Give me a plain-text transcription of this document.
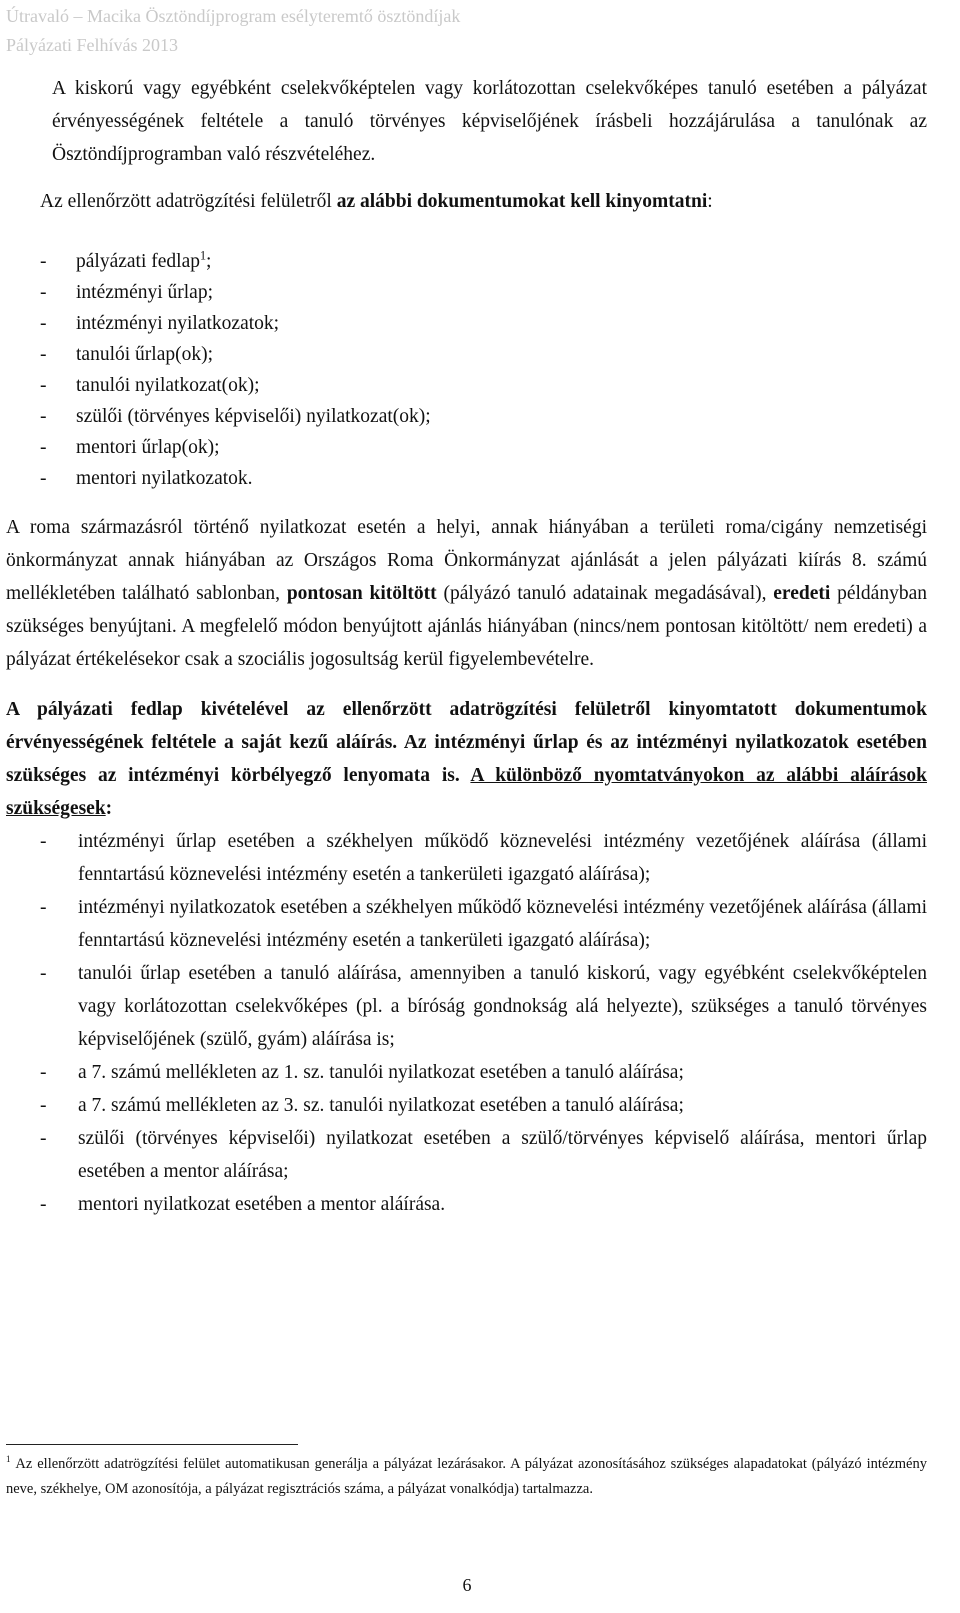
Útravaló – Macika Ösztöndíjprogram esélyteremtő ösztöndíjak
Pályázati Felhívás 2013

A kiskorú vagy egyébként cselekvőképtelen vagy korlátozottan cselekvőképes tanuló esetében a pályázat érvényességének feltétele a tanuló törvényes képviselőjének írásbeli hozzájárulása a tanulónak az Ösztöndíjprogramban való részvételéhez.

Az ellenőrzött adatrögzítési felületről az alábbi dokumentumokat kell kinyomtatni:

- pályázati fedlap$^1$;
- intézményi űrlap;
- intézményi nyilatkozatok;
- tanulói űrlap(ok);
- tanulói nyilatkozat(ok);
- szülői (törvényes képviselői) nyilatkozat(ok);
- mentori űrlap(ok);
- mentori nyilatkozatok.

A roma származásról történő nyilatkozat esetén a helyi, annak hiányában a területi roma/cigány nemzetiségi önkormányzat annak hiányában az Országos Roma Önkormányzat ajánlását a jelen pályázati kiírás 8. számú mellékletében található sablonban, pontosan kitöltött (pályázó tanuló adatainak megadásával), eredeti példányban szükséges benyújtani. A megfelelő módon benyújtott ajánlás hiányában (nincs/nem pontosan kitöltött/ nem eredeti) a pályázat értékelésekor csak a szociális jogosultság kerül figyelembevételre.

A pályázati fedlap kivételével az ellenőrzött adatrögzítési felületről kinyomtatott dokumentumok érvényességének feltétele a saját kezű aláírás. Az intézményi űrlap és az intézményi nyilatkozatok esetében szükséges az intézményi körbélyegző lenyomata is. A különböző nyomtatványokon az alábbi aláírások szükségesek:

- intézményi űrlap esetében a székhelyen működő köznevelési intézmény vezetőjének aláírása (állami fenntartású köznevelési intézmény esetén a tankerületi igazgató aláírása);
- intézményi nyilatkozatok esetében a székhelyen működő köznevelési intézmény vezetőjének aláírása (állami fenntartású köznevelési intézmény esetén a tankerületi igazgató aláírása);
- tanulói űrlap esetében a tanuló aláírása, amennyiben a tanuló kiskorú, vagy egyébként cselekvőképtelen vagy korlátozottan cselekvőképes (pl. a bíróság gondnokság alá helyezte), szükséges a tanuló törvényes képviselőjének (szülő, gyám) aláírása is;
- a 7. számú mellékleten az 1. sz. tanulói nyilatkozat esetében a tanuló aláírása;
- a 7. számú mellékleten az 3. sz. tanulói nyilatkozat esetében a tanuló aláírása;
- szülői (törvényes képviselői) nyilatkozat esetében a szülő/törvényes képviselő aláírása, mentori űrlap esetében a mentor aláírása;
- mentori nyilatkozat esetében a mentor aláírása.
$^1$ Az ellenőrzött adatrögzítési felület automatikusan generálja a pályázat lezárásakor. A pályázat azonosításához szükséges alapadatokat (pályázó intézmény neve, székhelye, OM azonosítója, a pályázat regisztrációs száma, a pályázat vonalkódja) tartalmazza.
6
